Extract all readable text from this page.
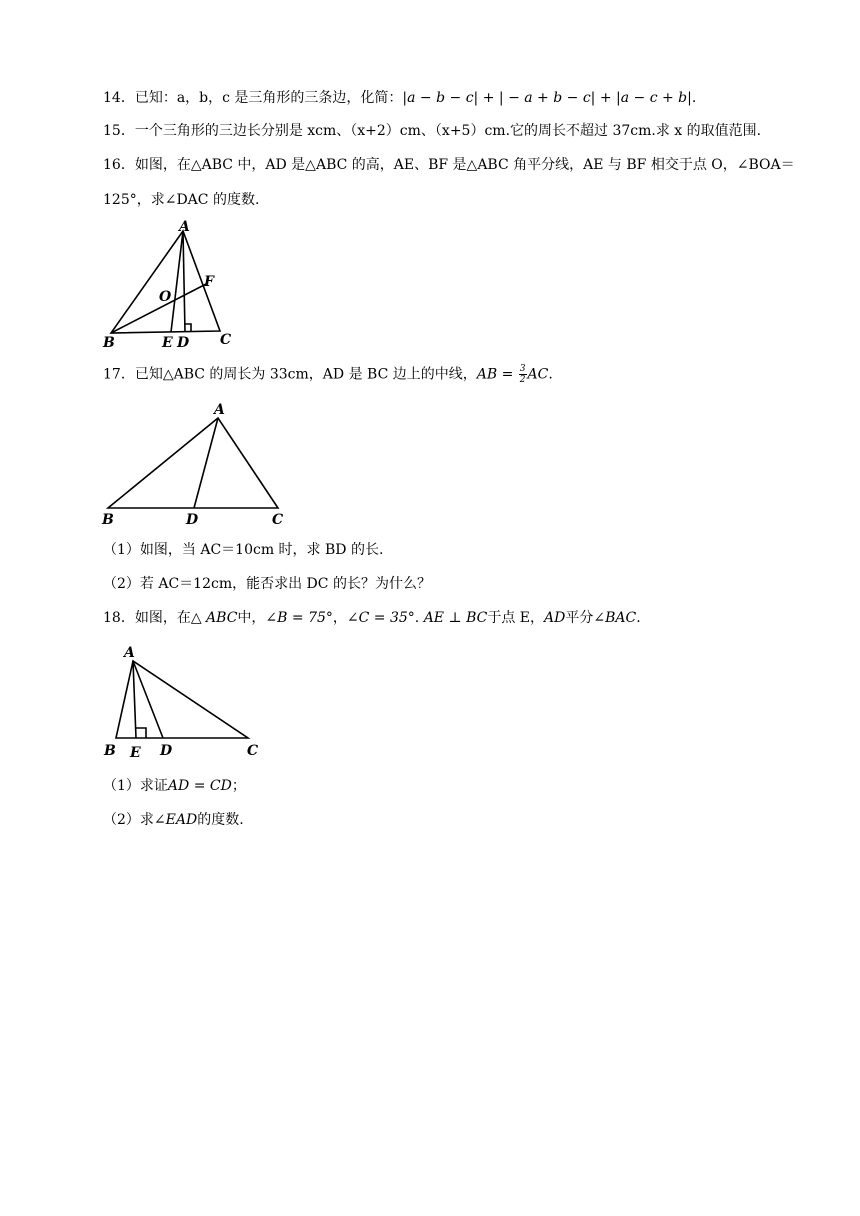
14．已知：a，b，c 是三角形的三条边，化简：|a − b − c| + | − a + b − c| + |a − c + b|.
15．一个三角形的三边长分别是 xcm、（x+2）cm、（x+5）cm.它的周长不超过 37cm.求 x 的取值范围.
16．如图，在△ABC 中，AD 是△ABC 的高，AE、BF 是△ABC 角平分线，AE 与 BF 相交于点 O，∠BOA＝
125°，求∠DAC 的度数.
A
B	C
D
E
F
O
17．已知△ABC 的周长为 33cm，AD 是 BC 边上的中线，AB = $\frac{3}{2}$ AC.
A
B	D	C
（1）如图，当 AC＝10cm 时，求 BD 的长.
（2）若 AC＝12cm，能否求出 DC 的长？为什么？
18．如图，在△ ABC中，∠B = 75°，∠C = 35°. AE ⊥ BC于点 E，AD平分∠BAC.
A
B E D	C
（1）求证AD = CD；
（2）求∠EAD的度数.
